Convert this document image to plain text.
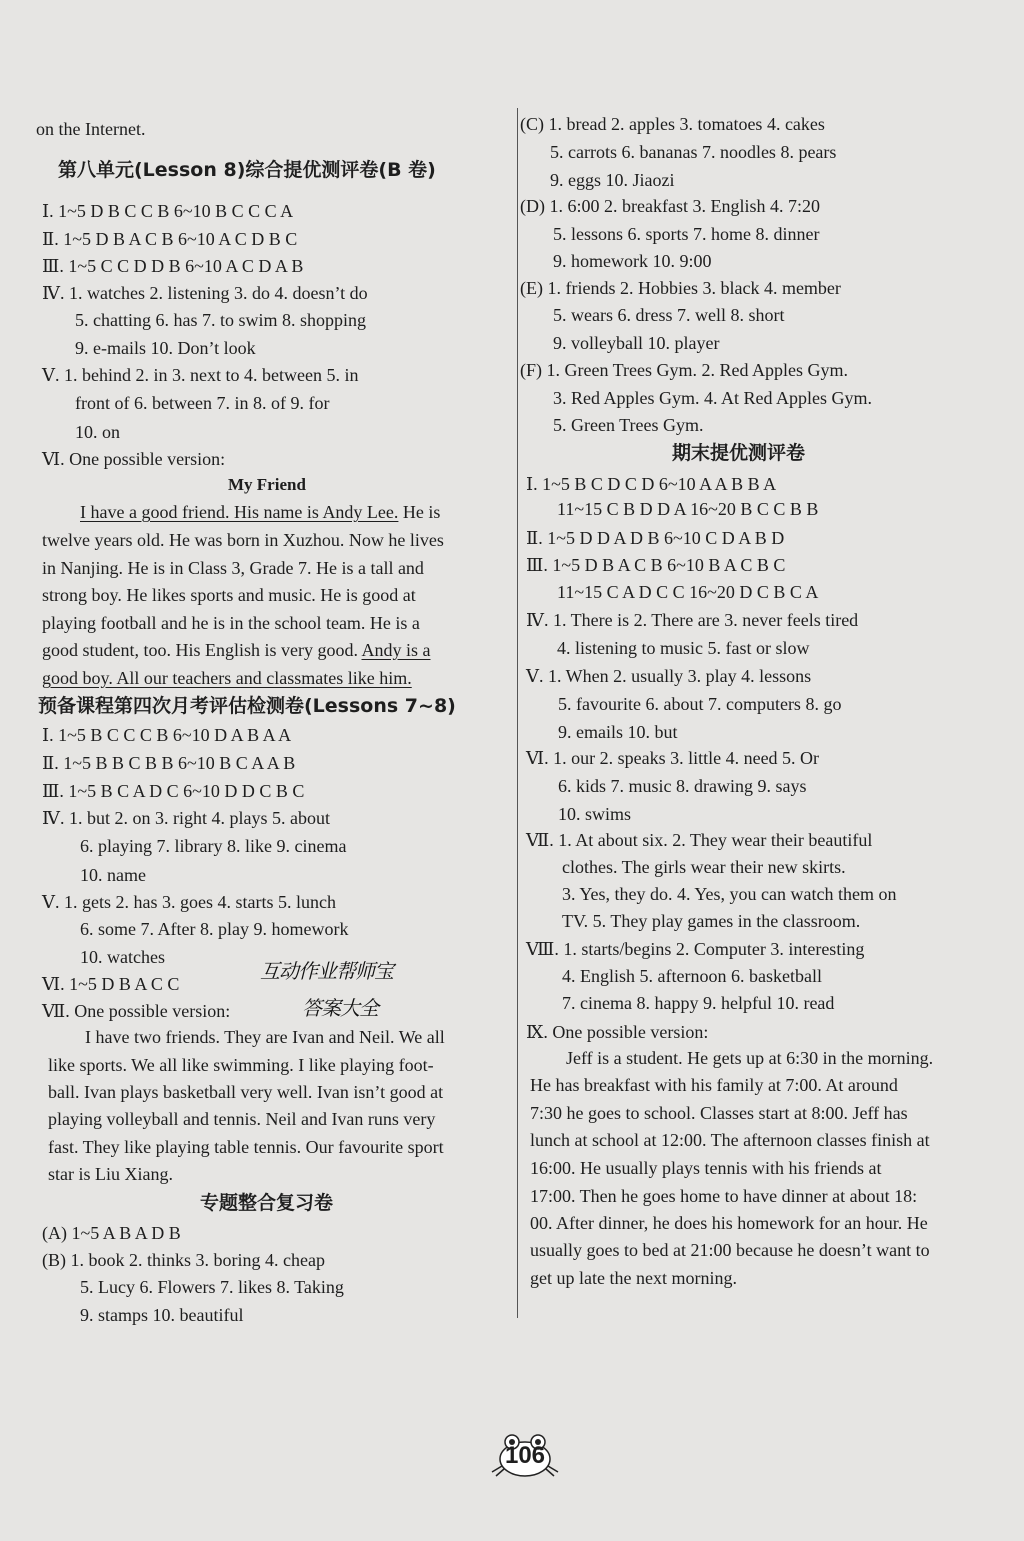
on the Internet.
第八单元(Lesson 8)综合提优测评卷(B 卷)
Ⅰ. 1~5 D B C C B 6~10 B C C C A
Ⅱ. 1~5 D B A C B 6~10 A C D B C
Ⅲ. 1~5 C C D D B 6~10 A C D A B
Ⅳ. 1. watches 2. listening 3. do 4. doesn’t do
5. chatting 6. has 7. to swim 8. shopping
9. e-mails 10. Don’t look
Ⅴ. 1. behind 2. in 3. next to 4. between 5. in
front of 6. between 7. in 8. of 9. for
10. on
Ⅵ. One possible version:
My Friend
I have a good friend. His name is Andy Lee. He is
twelve years old. He was born in Xuzhou. Now he lives
in Nanjing. He is in Class 3, Grade 7. He is a tall and
strong boy. He likes sports and music. He is good at
playing football and he is in the school team. He is a
good student, too. His English is very good. Andy is a
good boy. All our teachers and classmates like him.
预备课程第四次月考评估检测卷(Lessons 7~8)
Ⅰ. 1~5 B C C C B 6~10 D A B A A
Ⅱ. 1~5 B B C B B 6~10 B C A A B
Ⅲ. 1~5 B C A D C 6~10 D D C B C
Ⅳ. 1. but 2. on 3. right 4. plays 5. about
6. playing 7. library 8. like 9. cinema
10. name
Ⅴ. 1. gets 2. has 3. goes 4. starts 5. lunch
6. some 7. After 8. play 9. homework
10. watches
Ⅵ. 1~5 D B A C C
互动作业帮师宝
Ⅶ. One possible version:	答案大全
I have two friends. They are Ivan and Neil. We all
like sports. We all like swimming. I like playing foot-
ball. Ivan plays basketball very well. Ivan isn’t good at
playing volleyball and tennis. Neil and Ivan runs very
fast. They like playing table tennis. Our favourite sport
star is Liu Xiang.
专题整合复习卷
(A) 1~5 A B A D B
(B) 1. book 2. thinks 3. boring 4. cheap
5. Lucy 6. Flowers 7. likes 8. Taking
9. stamps 10. beautiful
(C) 1. bread 2. apples 3. tomatoes 4. cakes
5. carrots 6. bananas 7. noodles 8. pears
9. eggs 10. Jiaozi
(D) 1. 6:00 2. breakfast 3. English 4. 7:20
5. lessons 6. sports 7. home 8. dinner
9. homework 10. 9:00
(E) 1. friends 2. Hobbies 3. black 4. member
5. wears 6. dress 7. well 8. short
9. volleyball 10. player
(F) 1. Green Trees Gym. 2. Red Apples Gym.
3. Red Apples Gym. 4. At Red Apples Gym.
5. Green Trees Gym.
期末提优测评卷
Ⅰ. 1~5 B C D C D 6~10 A A B B A
11~15 C B D D A 16~20 B C C B B
Ⅱ. 1~5 D D A D B 6~10 C D A B D
Ⅲ. 1~5 D B A C B 6~10 B A C B C
11~15 C A D C C 16~20 D C B C A
Ⅳ. 1. There is 2. There are 3. never feels tired
4. listening to music 5. fast or slow
Ⅴ. 1. When 2. usually 3. play 4. lessons
5. favourite 6. about 7. computers 8. go
9. emails 10. but
Ⅵ. 1. our 2. speaks 3. little 4. need 5. Or
6. kids 7. music 8. drawing 9. says
10. swims
Ⅶ. 1. At about six. 2. They wear their beautiful
clothes. The girls wear their new skirts.
3. Yes, they do. 4. Yes, you can watch them on
TV. 5. They play games in the classroom.
Ⅷ. 1. starts/begins 2. Computer 3. interesting
4. English 5. afternoon 6. basketball
7. cinema 8. happy 9. helpful 10. read
Ⅸ. One possible version:
Jeff is a student. He gets up at 6:30 in the morning.
He has breakfast with his family at 7:00. At around
7:30 he goes to school. Classes start at 8:00. Jeff has
lunch at school at 12:00. The afternoon classes finish at
16:00. He usually plays tennis with his friends at
17:00. Then he goes home to have dinner at about 18:
00. After dinner, he does his homework for an hour. He
usually goes to bed at 21:00 because he doesn’t want to
get up late the next morning.
106
